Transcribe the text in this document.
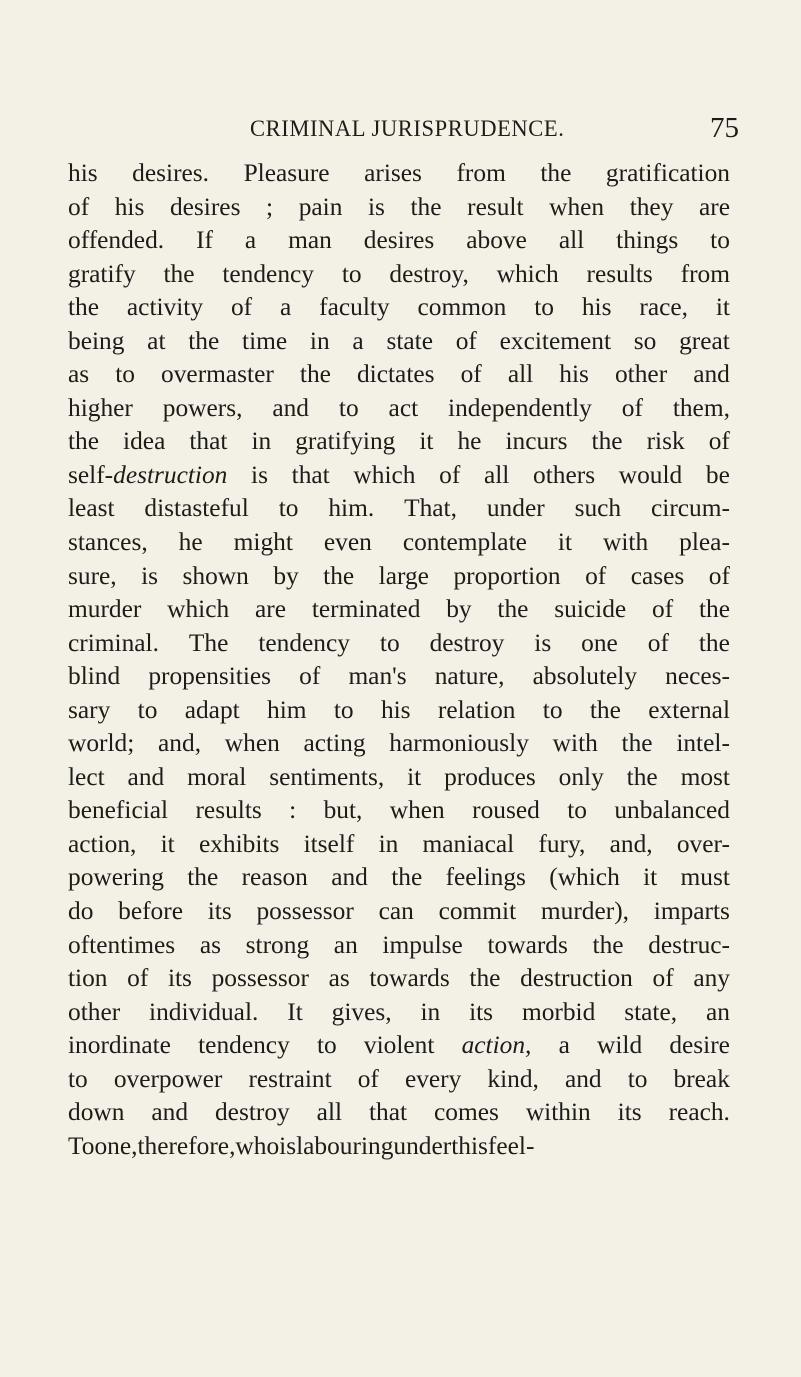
CRIMINAL JURISPRUDENCE.	75
his desires. Pleasure arises from the gratification
of his desires ; pain is the result when they are
offended. If a man desires above all things to
gratify the tendency to destroy, which results from
the activity of a faculty common to his race, it
being at the time in a state of excitement so great
as to overmaster the dictates of all his other and
higher powers, and to act independently of them,
the idea that in gratifying it he incurs the risk of
self-destruction is that which of all others would be
least distasteful to him. That, under such circum-
stances, he might even contemplate it with plea-
sure, is shown by the large proportion of cases of
murder which are terminated by the suicide of the
criminal. The tendency to destroy is one of the
blind propensities of man's nature, absolutely neces-
sary to adapt him to his relation to the external
world; and, when acting harmoniously with the intel-
lect and moral sentiments, it produces only the most
beneficial results : but, when roused to unbalanced
action, it exhibits itself in maniacal fury, and, over-
powering the reason and the feelings (which it must
do before its possessor can commit murder), imparts
oftentimes as strong an impulse towards the destruc-
tion of its possessor as towards the destruction of any
other individual. It gives, in its morbid state, an
inordinate tendency to violent action, a wild desire
to overpower restraint of every kind, and to break
down and destroy all that comes within its reach.
To one, therefore, who is labouring under this feel-
